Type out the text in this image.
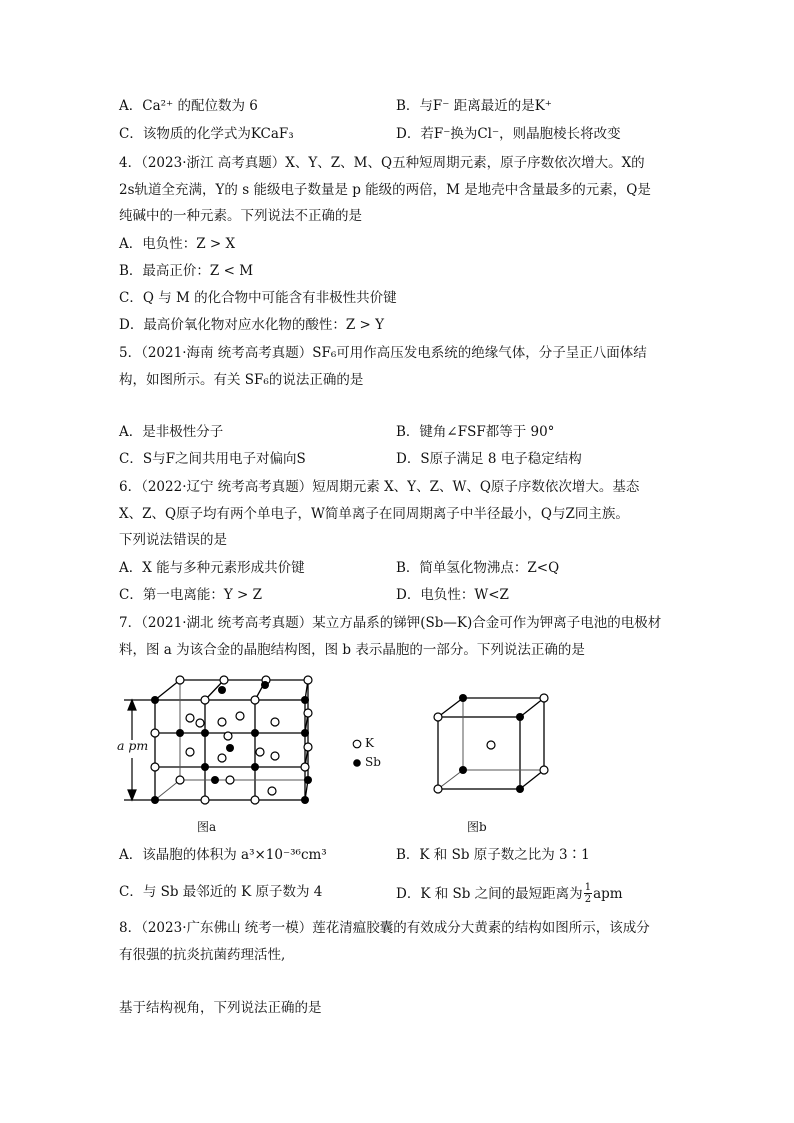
A．Ca²⁺ 的配位数为 6	B．与F⁻ 距离最近的是K⁺
C．该物质的化学式为KCaF₃	D．若F⁻换为Cl⁻，则晶胞棱长将改变
4．（2023·浙江 高考真题）X、Y、Z、M、Q五种短周期元素，原子序数依次增大。X的
2s轨道全充满，Y的 s 能级电子数量是 p 能级的两倍，M 是地壳中含量最多的元素，Q是
纯碱中的一种元素。下列说法不正确的是
A．电负性：Z > X
B．最高正价：Z < M
C．Q 与 M 的化合物中可能含有非极性共价键
D．最高价氧化物对应水化物的酸性：Z > Y
5．（2021·海南 统考高考真题）SF₆可用作高压发电系统的绝缘气体，分子呈正八面体结
构，如图所示。有关 SF₆的说法正确的是
A．是非极性分子	B．键角∠FSF都等于 90°
C．S与F之间共用电子对偏向S	D．S原子满足 8 电子稳定结构
6．（2022·辽宁 统考高考真题）短周期元素 X、Y、Z、W、Q原子序数依次增大。基态
X、Z、Q原子均有两个单电子，W简单离子在同周期离子中半径最小，Q与Z同主族。
下列说法错误的是
A．X 能与多种元素形成共价键	B．简单氢化物沸点：Z<Q
C．第一电离能：Y > Z	D．电负性：W<Z
7．（2021·湖北 统考高考真题）某立方晶系的锑钾(Sb—K)合金可作为钾离子电池的电极材
料，图 a 为该合金的晶胞结构图，图 b 表示晶胞的一部分。下列说法正确的是
a pm	K
Sb
图a	图b
A．该晶胞的体积为 a³×10⁻³⁶cm³	B．K 和 Sb 原子数之比为 3∶1
C．与 Sb 最邻近的 K 原子数为 4	D．K 和 Sb 之间的最短距离为 $\frac{1}{2}$ apm
8．（2023·广东佛山 统考一模）莲花清瘟胶囊的有效成分大黄素的结构如图所示，该成分
有很强的抗炎抗菌药理活性,
基于结构视角，下列说法正确的是
